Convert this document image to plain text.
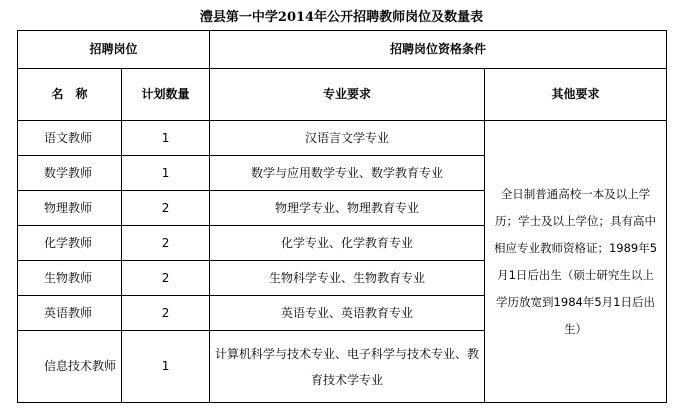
澧县第一中学2014年公开招聘教师岗位及数量表
招聘岗位		招聘岗位资格条件	
名　称	计划数量	专业要求	其他要求
语文教师	1	汉语言文学专业	全日制普通高校一本及以上学历；学士及以上学位；具有高中相应专业教师资格证；1989年5月1日后出生（硕士研究生以上学历放宽到1984年5月1日后出生）
数学教师	1	数学与应用数学专业、数学教育专业	
物理教师	2	物理学专业、物理教育专业	
化学教师	2	化学专业、化学教育专业	
生物教师	2	生物科学专业、生物教育专业	
英语教师	2	英语专业、英语教育专业	
信息技术教师	1	计算机科学与技术专业、电子科学与技术专业、教育技术学专业	
